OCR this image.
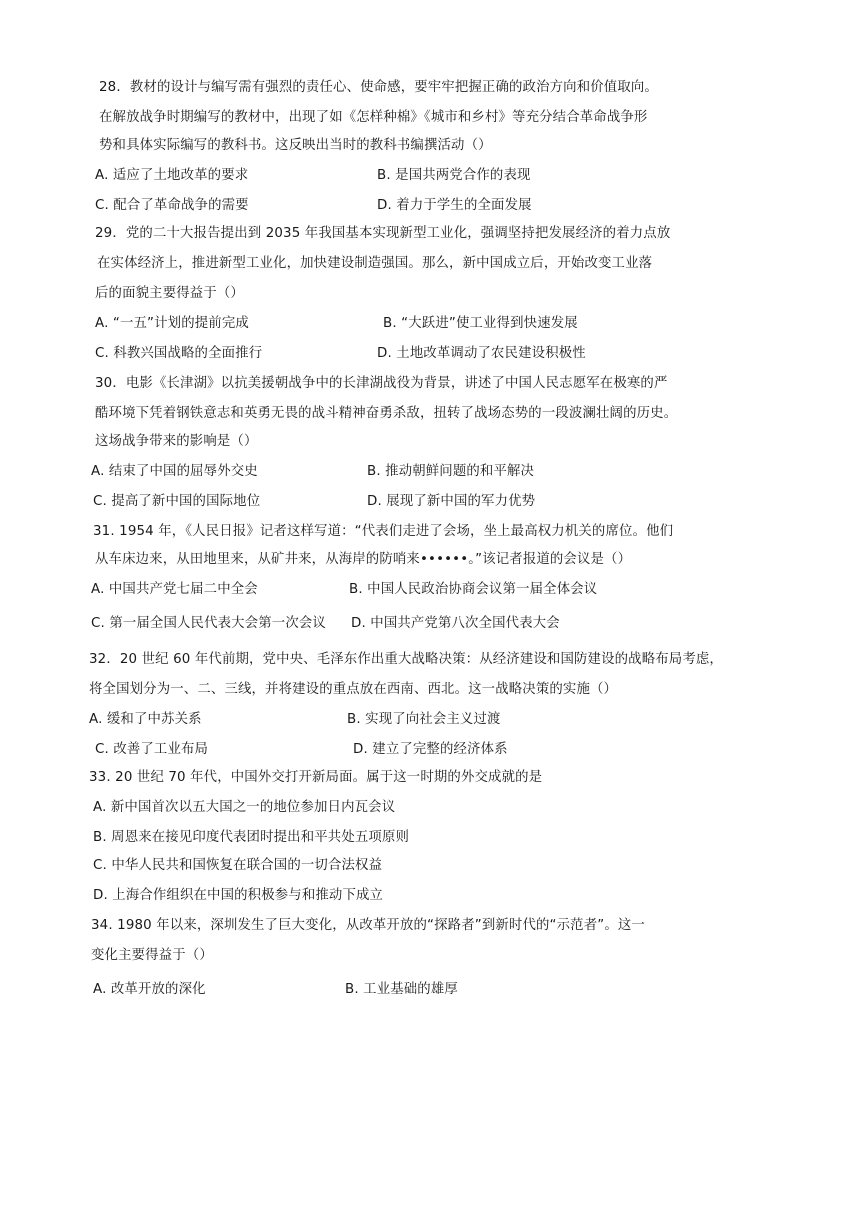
28．教材的设计与编写需有强烈的责任心、使命感，要牢牢把握正确的政治方向和价值取向。

在解放战争时期编写的教材中，出现了如《怎样种棉》《城市和乡村》等充分结合革命战争形

势和具体实际编写的教科书。这反映出当时的教科书编撰活动（）

A. 适应了土地改革的要求	B. 是国共两党合作的表现

C. 配合了革命战争的需要	D. 着力于学生的全面发展

29．党的二十大报告提出到 2035 年我国基本实现新型工业化，强调坚持把发展经济的着力点放

在实体经济上，推进新型工业化，加快建设制造强国。那么，新中国成立后，开始改变工业落

后的面貌主要得益于（）

A. “一五”计划的提前完成	B. “大跃进”使工业得到快速发展

C. 科教兴国战略的全面推行	D. 土地改革调动了农民建设积极性

30．电影《长津湖》以抗美援朝战争中的长津湖战役为背景，讲述了中国人民志愿军在极寒的严

酷环境下凭着钢铁意志和英勇无畏的战斗精神奋勇杀敌，扭转了战场态势的一段波澜壮阔的历史。

这场战争带来的影响是（）

A. 结束了中国的屈辱外交史	B. 推动朝鲜问题的和平解决

C. 提高了新中国的国际地位	D. 展现了新中国的军力优势

31. 1954 年，《人民日报》记者这样写道：“代表们走进了会场，坐上最高权力机关的席位。他们

从车床边来，从田地里来，从矿井来，从海岸的防哨来••••••。”该记者报道的会议是（）

A. 中国共产党七届二中全会	B. 中国人民政治协商会议第一届全体会议

C. 第一届全国人民代表大会第一次会议 D. 中国共产党第八次全国代表大会

32．20 世纪 60 年代前期，党中央、毛泽东作出重大战略决策：从经济建设和国防建设的战略布局考虑，

将全国划分为一、二、三线，并将建设的重点放在西南、西北。这一战略决策的实施（）

A. 缓和了中苏关系	B. 实现了向社会主义过渡

C. 改善了工业布局	D. 建立了完整的经济体系

33. 20 世纪 70 年代，中国外交打开新局面。属于这一时期的外交成就的是

A. 新中国首次以五大国之一的地位参加日内瓦会议

B. 周恩来在接见印度代表团时提出和平共处五项原则

C. 中华人民共和国恢复在联合国的一切合法权益

D. 上海合作组织在中国的积极参与和推动下成立

34. 1980 年以来，深圳发生了巨大变化，从改革开放的“探路者”到新时代的“示范者”。这一

变化主要得益于（）

A. 改革开放的深化	B. 工业基础的雄厚
